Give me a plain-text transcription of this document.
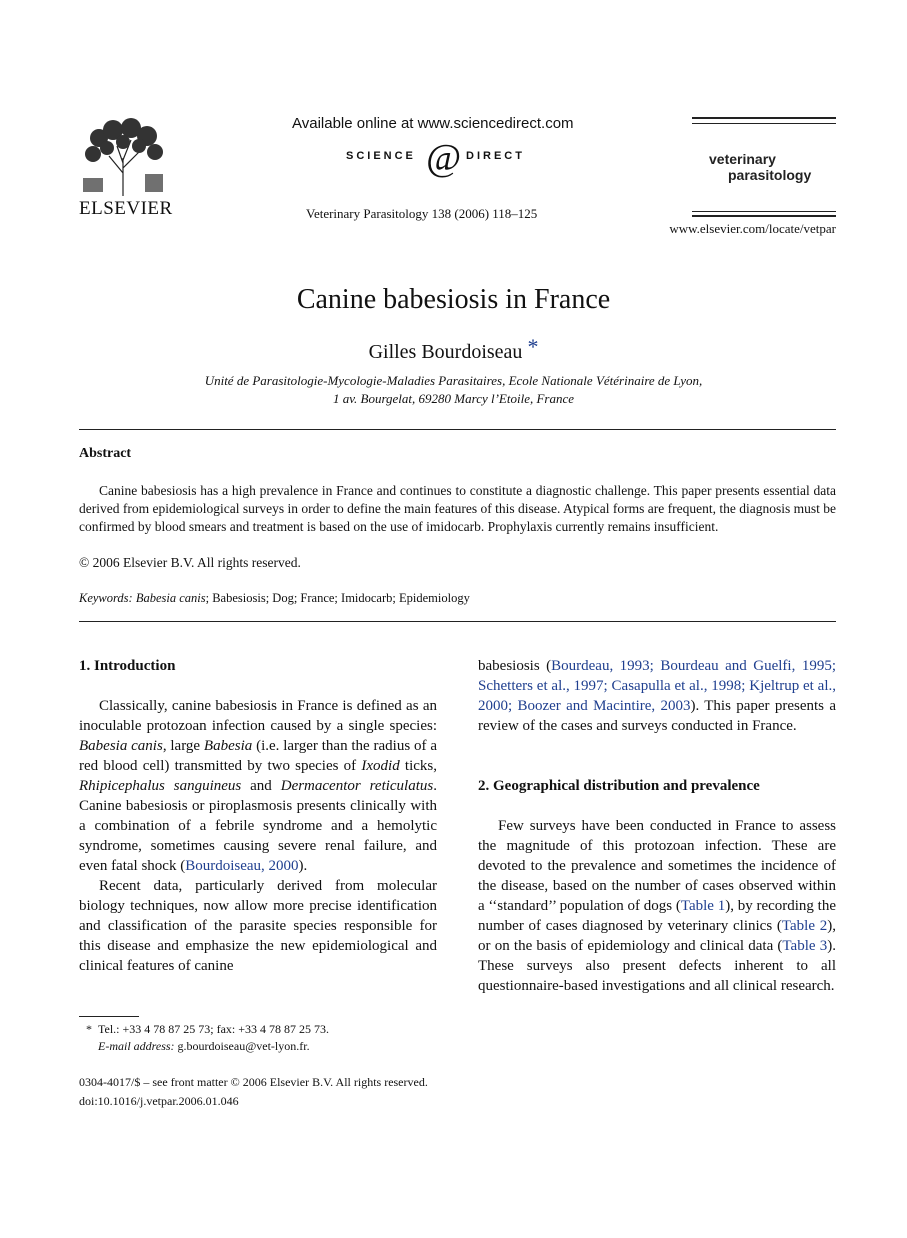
ELSEVIER
Available online at www.sciencedirect.com
SCIENCE @ DIRECT
Veterinary Parasitology 138 (2006) 118–125
veterinary
parasitology
www.elsevier.com/locate/vetpar
Canine babesiosis in France
Gilles Bourdoiseau *
Unité de Parasitologie-Mycologie-Maladies Parasitaires, Ecole Nationale Vétérinaire de Lyon,
1 av. Bourgelat, 69280 Marcy l’Etoile, France
Abstract

Canine babesiosis has a high prevalence in France and continues to constitute a diagnostic challenge. This paper presents essential data derived from epidemiological surveys in order to define the main features of this disease. Atypical forms are frequent, the diagnosis must be confirmed by blood smears and treatment is based on the use of imidocarb. Prophylaxis currently remains insufficient.

© 2006 Elsevier B.V. All rights reserved.
Keywords: Babesia canis; Babesiosis; Dog; France; Imidocarb; Epidemiology
1. Introduction

Classically, canine babesiosis in France is defined as an inoculable protozoan infection caused by a single species: Babesia canis, large Babesia (i.e. larger than the radius of a red blood cell) transmitted by two species of Ixodid ticks, Rhipicephalus sanguineus and Dermacentor reticulatus. Canine babesiosis or piroplasmosis presents clinically with a combination of a febrile syndrome and a hemolytic syndrome, sometimes causing severe renal failure, and even fatal shock (Bourdoiseau, 2000).

Recent data, particularly derived from molecular biology techniques, now allow more precise identification and classification of the parasite species responsible for this disease and emphasize the new epidemiological and clinical features of canine

* Tel.: +33 4 78 87 25 73; fax: +33 4 78 87 25 73.
E-mail address: g.bourdoiseau@vet-lyon.fr.
0304-4017/$ – see front matter © 2006 Elsevier B.V. All rights reserved.
doi:10.1016/j.vetpar.2006.01.046

babesiosis (Bourdeau, 1993; Bourdeau and Guelfi, 1995; Schetters et al., 1997; Casapulla et al., 1998; Kjeltrup et al., 2000; Boozer and Macintire, 2003). This paper presents a review of the cases and surveys conducted in France.

2. Geographical distribution and prevalence

Few surveys have been conducted in France to assess the magnitude of this protozoan infection. These are devoted to the prevalence and sometimes the incidence of the disease, based on the number of cases observed within a ‘‘standard’’ population of dogs (Table 1), by recording the number of cases diagnosed by veterinary clinics (Table 2), or on the basis of epidemiology and clinical data (Table 3). These surveys also present defects inherent to all questionnaire-based investigations and all clinical research.
